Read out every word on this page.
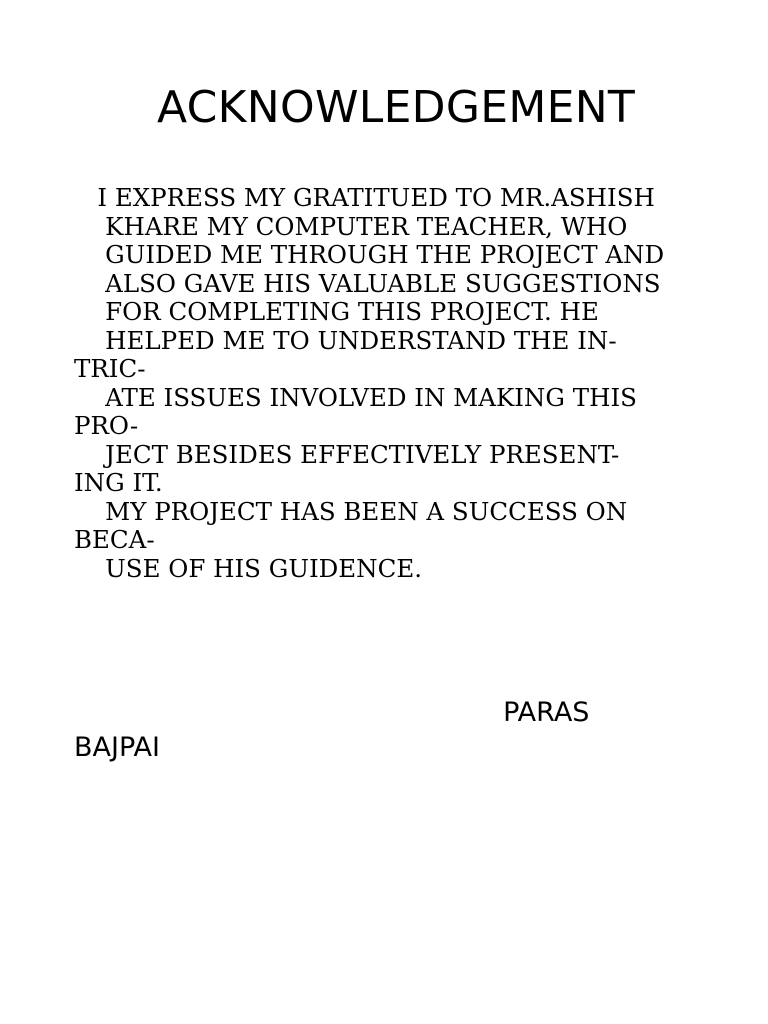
ACKNOWLEDGEMENT
I EXPRESS MY GRATITUED TO MR.ASHISH
KHARE MY COMPUTER TEACHER, WHO
GUIDED ME THROUGH THE PROJECT AND
ALSO GAVE HIS VALUABLE SUGGESTIONS
FOR COMPLETING THIS PROJECT. HE
HELPED ME TO UNDERSTAND THE IN-
TRIC-
ATE ISSUES INVOLVED IN MAKING THIS
PRO-
JECT BESIDES EFFECTIVELY PRESENT-
ING IT.
MY PROJECT HAS BEEN A SUCCESS ON
BECA-
USE OF HIS GUIDENCE.
PARAS
BAJPAI
